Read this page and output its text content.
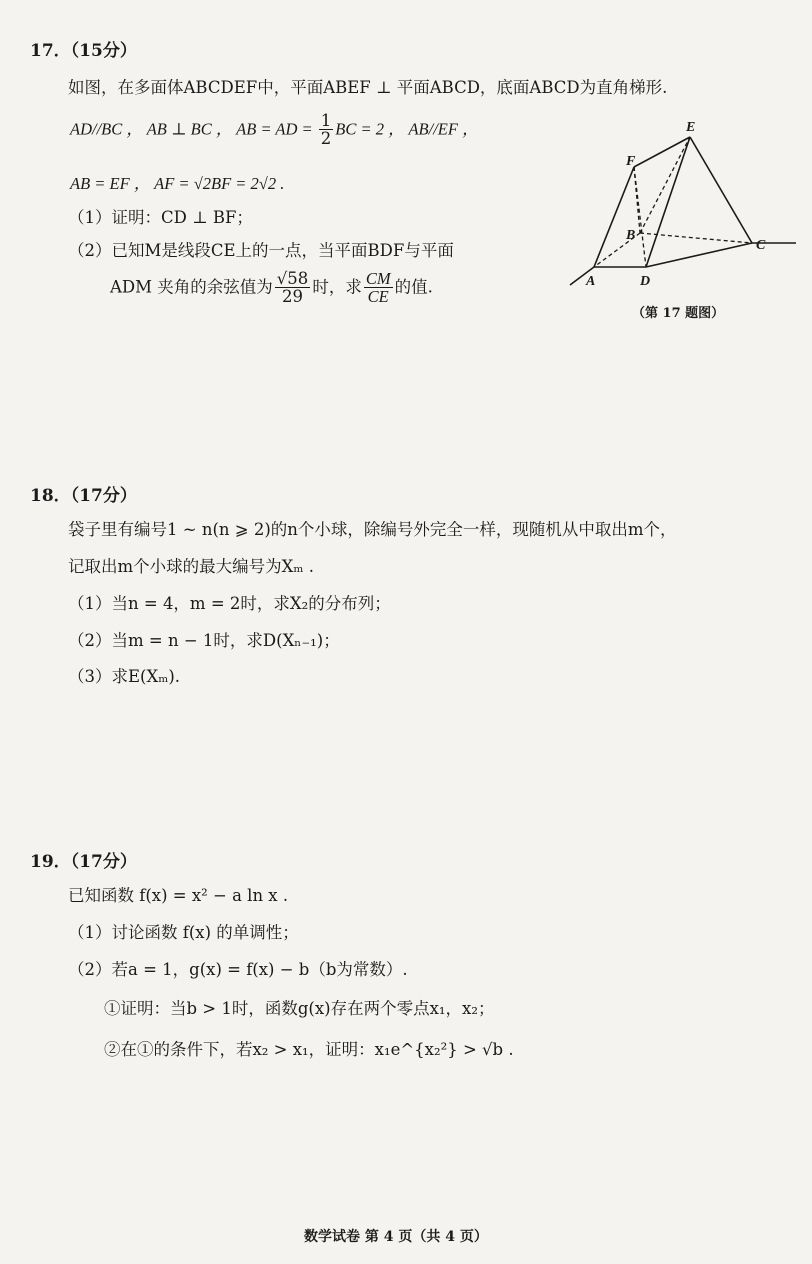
17．（15分）
如图，在多面体ABCDEF中，平面ABEF ⊥ 平面ABCD，底面ABCD为直角梯形.
AD//BC ， AB ⊥ BC ， AB = AD = $\frac{1}{2}$ BC = 2 ， AB//EF ，
AB = EF ， AF = √2BF = 2√2 .
（1）证明：CD ⊥ BF；
（2）已知M是线段CE上的一点，当平面BDF与平面
ADM 夹角的余弦值为 $\frac{√58}{29}$ 时，求 $\frac{CM}{CE}$ 的值.
E
F
B
C
A	D
（第 17 题图）
18．（17分）
袋子里有编号1 ~ n(n ⩾ 2)的n个小球，除编号外完全一样，现随机从中取出m个，
记取出m个小球的最大编号为Xₘ .
（1）当n = 4，m = 2时，求X₂的分布列；
（2）当m = n − 1时，求D(Xₙ₋₁)；
（3）求E(Xₘ).
19．（17分）
已知函数 f(x) = x² − a ln x .
（1）讨论函数 f(x) 的单调性；
（2）若a = 1，g(x) = f(x) − b（b为常数）.
①证明：当b > 1时，函数g(x)存在两个零点x₁，x₂；
②在①的条件下，若x₂ > x₁，证明：x₁e^{x₂²} > √b .
数学试卷 第 4 页（共 4 页）
